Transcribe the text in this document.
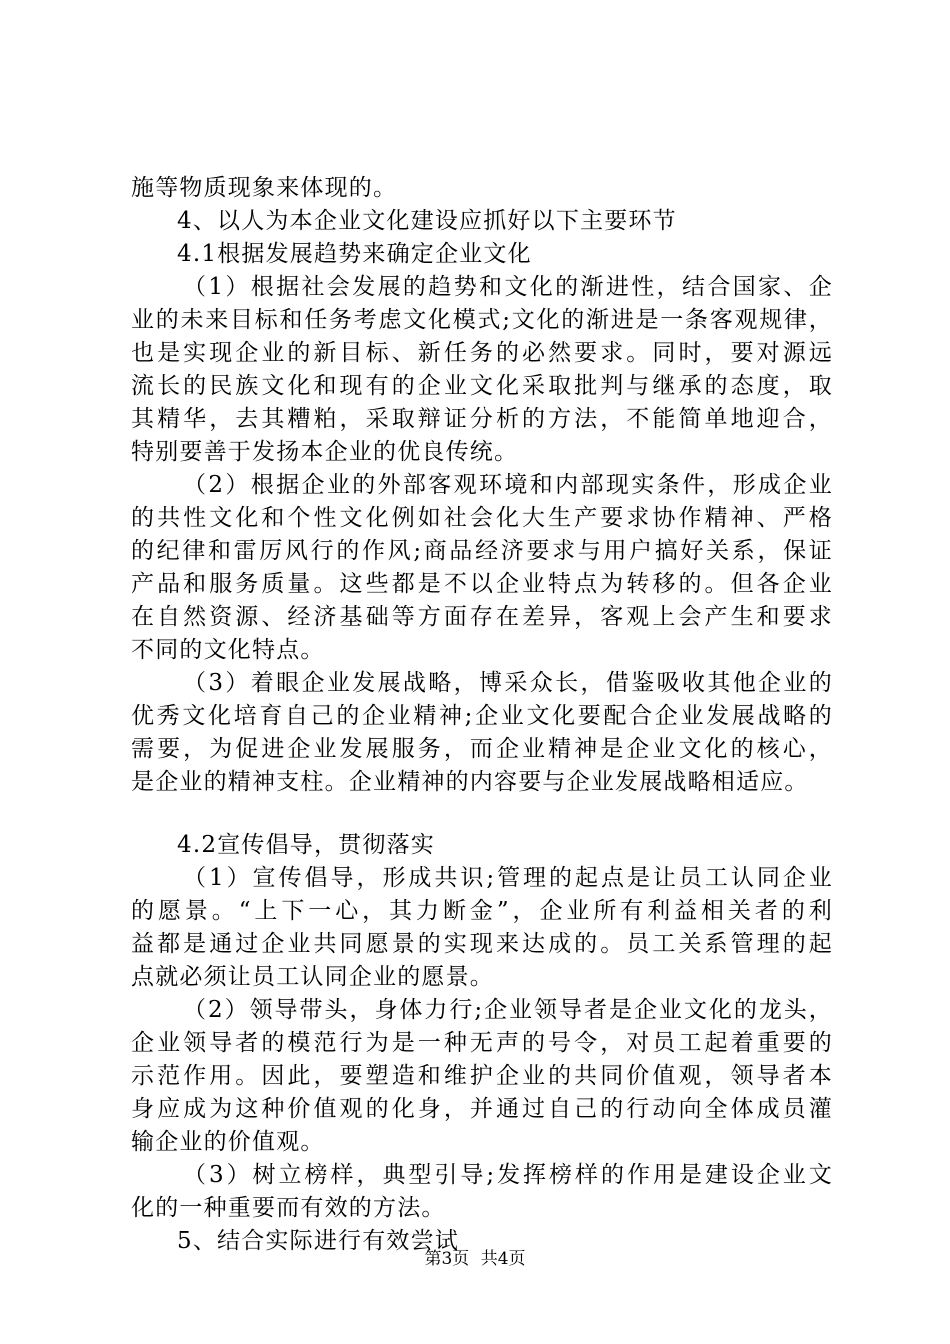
施等物质现象来体现的。
4、以人为本企业文化建设应抓好以下主要环节
4.1根据发展趋势来确定企业文化
（1）根据社会发展的趋势和文化的渐进性，结合国家、企
业的未来目标和任务考虑文化模式;文化的渐进是一条客观规律，
也是实现企业的新目标、新任务的必然要求。同时，要对源远
流长的民族文化和现有的企业文化采取批判与继承的态度，取
其精华，去其糟粕，采取辩证分析的方法，不能简单地迎合，
特别要善于发扬本企业的优良传统。
（2）根据企业的外部客观环境和内部现实条件，形成企业
的共性文化和个性文化例如社会化大生产要求协作精神、严格
的纪律和雷厉风行的作风;商品经济要求与用户搞好关系，保证
产品和服务质量。这些都是不以企业特点为转移的。但各企业
在自然资源、经济基础等方面存在差异，客观上会产生和要求
不同的文化特点。
（3）着眼企业发展战略，博采众长，借鉴吸收其他企业的
优秀文化培育自己的企业精神;企业文化要配合企业发展战略的
需要，为促进企业发展服务，而企业精神是企业文化的核心，
是企业的精神支柱。企业精神的内容要与企业发展战略相适应。
4.2宣传倡导，贯彻落实
（1）宣传倡导，形成共识;管理的起点是让员工认同企业
的愿景。“上下一心，其力断金”，企业所有利益相关者的利
益都是通过企业共同愿景的实现来达成的。员工关系管理的起
点就必须让员工认同企业的愿景。
（2）领导带头，身体力行;企业领导者是企业文化的龙头，
企业领导者的模范行为是一种无声的号令，对员工起着重要的
示范作用。因此，要塑造和维护企业的共同价值观，领导者本
身应成为这种价值观的化身，并通过自己的行动向全体成员灌
输企业的价值观。
（3）树立榜样，典型引导;发挥榜样的作用是建设企业文
化的一种重要而有效的方法。
5、结合实际进行有效尝试
第3页 共4页
